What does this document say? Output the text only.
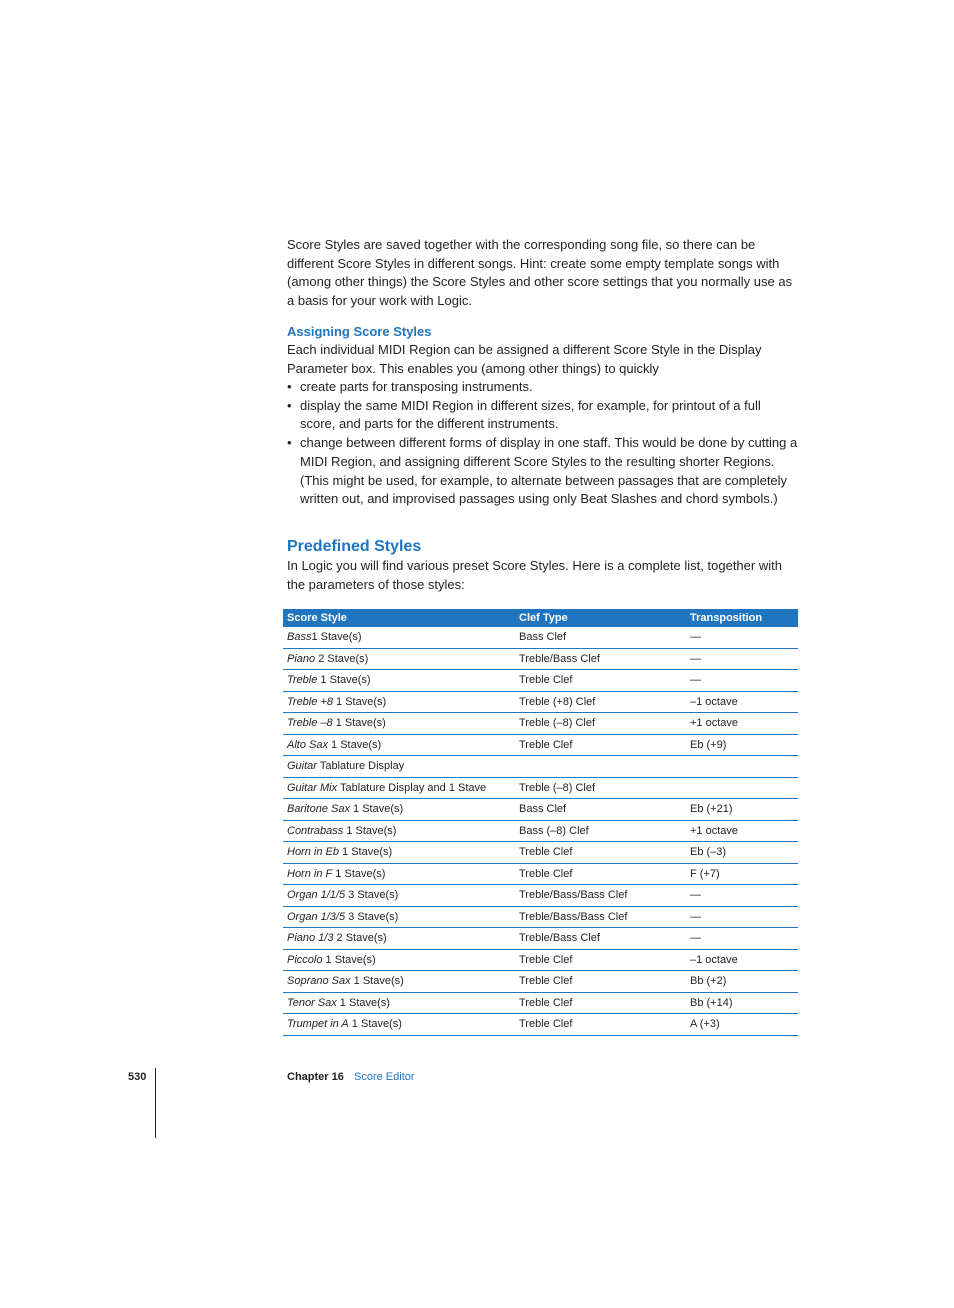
Score Styles are saved together with the corresponding song file, so there can be different Score Styles in different songs. Hint: create some empty template songs with (among other things) the Score Styles and other score settings that you normally use as a basis for your work with Logic.

Assigning Score Styles

Each individual MIDI Region can be assigned a different Score Style in the Display Parameter box. This enables you (among other things) to quickly

• create parts for transposing instruments.
• display the same MIDI Region in different sizes, for example, for printout of a full score, and parts for the different instruments.
• change between different forms of display in one staff. This would be done by cutting a MIDI Region, and assigning different Score Styles to the resulting shorter Regions. (This might be used, for example, to alternate between passages that are completely written out, and improvised passages using only Beat Slashes and chord symbols.)
Predefined Styles

In Logic you will find various preset Score Styles. Here is a complete list, together with the parameters of those styles:

Score Style	Clef Type	Transposition
Bass1 Stave(s)	Bass Clef	—
Piano 2 Stave(s)	Treble/Bass Clef	—
Treble 1 Stave(s)	Treble Clef	—
Treble +8 1 Stave(s)	Treble (+8) Clef	–1 octave
Treble –8 1 Stave(s)	Treble (–8) Clef	+1 octave
Alto Sax 1 Stave(s)	Treble Clef	Eb (+9)
Guitar Tablature Display		
Guitar Mix Tablature Display and 1 Stave	Treble (–8) Clef	
Baritone Sax 1 Stave(s)	Bass Clef	Eb (+21)
Contrabass 1 Stave(s)	Bass (–8) Clef	+1 octave
Horn in Eb 1 Stave(s)	Treble Clef	Eb (–3)
Horn in F 1 Stave(s)	Treble Clef	F (+7)
Organ 1/1/5 3 Stave(s)	Treble/Bass/Bass Clef	—
Organ 1/3/5 3 Stave(s)	Treble/Bass/Bass Clef	—
Piano 1/3 2 Stave(s)	Treble/Bass Clef	—
Piccolo 1 Stave(s)	Treble Clef	–1 octave
Soprano Sax 1 Stave(s)	Treble Clef	Bb (+2)
Tenor Sax 1 Stave(s)	Treble Clef	Bb (+14)
Trumpet in A 1 Stave(s)	Treble Clef	A (+3)
530	Chapter 16 Score Editor
